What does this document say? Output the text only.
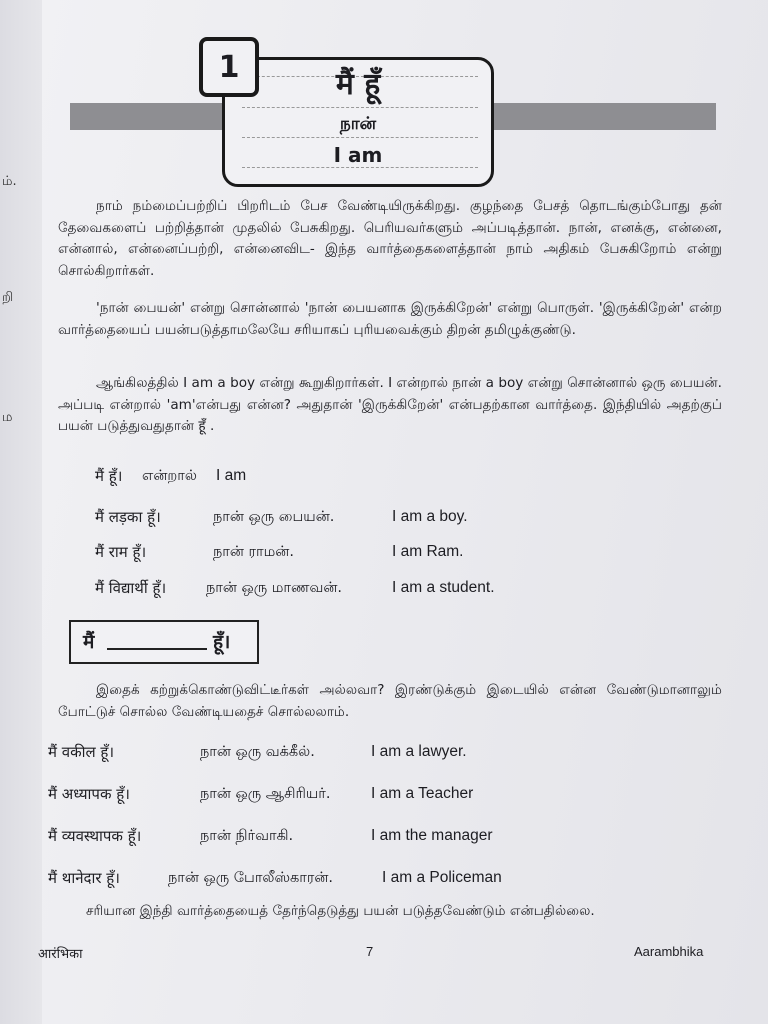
ம்.
றி
ம
1	मैं हूँ
நான்
I am
நாம் நம்மைப்பற்றிப் பிறரிடம் பேச வேண்டியிருக்கிறது. குழந்தை பேசத் தொடங்கும்போது தன் தேவைகளைப் பற்றித்தான் முதலில் பேசுகிறது. பெரியவர்களும் அப்படித்தான். நான், எனக்கு, என்னை, என்னால், என்னைப்பற்றி, என்னைவிட- இந்த வார்த்தைகளைத்தான் நாம் அதிகம் பேசுகிறோம் என்று சொல்கிறார்கள்.
'நான் பையன்' என்று சொன்னால் 'நான் பையனாக இருக்கிறேன்' என்று பொருள். 'இருக்கிறேன்' என்ற வார்த்தையைப் பயன்படுத்தாமலேயே சரியாகப் புரியவைக்கும் திறன் தமிழுக்குண்டு.
ஆங்கிலத்தில் I am a boy என்று கூறுகிறார்கள். I என்றால் நான் a boy என்று சொன்னால் ஒரு பையன். அப்படி என்றால் 'am'என்பது என்ன? அதுதான் 'இருக்கிறேன்' என்பதற்கான வார்த்தை. இந்தியில் அதற்குப் பயன் படுத்துவதுதான் हूँ .
मैं हूँ। என்றால் I am
मैं लड़का हूँ।	நான் ஒரு பையன்.	I am a boy.
मैं राम हूँ।	நான் ராமன்.	I am Ram.
मैं विद्यार्थी हूँ।	நான் ஒரு மாணவன்.	I am a student.
मैं	हूँ।
இதைக் கற்றுக்கொண்டுவிட்டீர்கள் அல்லவா? இரண்டுக்கும் இடையில் என்ன வேண்டுமானாலும் போட்டுச் சொல்ல வேண்டியதைச் சொல்லலாம்.
मैं वकील हूँ।	நான் ஒரு வக்கீல்.	I am a lawyer.
मैं अध्यापक हूँ।	நான் ஒரு ஆசிரியர்.	I am a Teacher
मैं व्यवस्थापक हूँ।	நான் நிர்வாகி.	I am the manager
मैं थानेदार हूँ।	நான் ஒரு போலீஸ்காரன்.	I am a Policeman
சரியான இந்தி வார்த்தையைத் தேர்ந்தெடுத்து பயன் படுத்தவேண்டும் என்பதில்லை.
आरंभिका	7	Aarambhika
